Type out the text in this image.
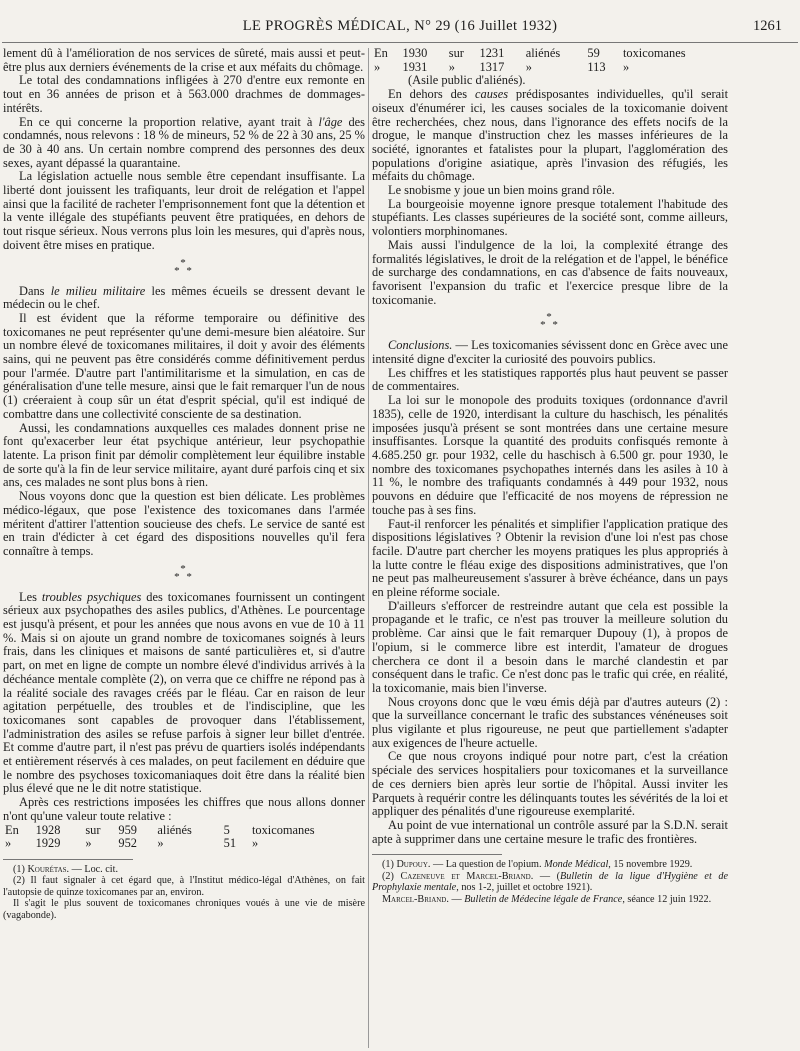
LE PROGRÈS MÉDICAL, N° 29 (16 Juillet 1932)	1261

lement dû à l'amélioration de nos services de sûreté, mais aussi et peut-être plus aux derniers événements de la crise et aux méfaits du chômage.

Le total des condamnations infligées à 270 d'entre eux remonte en tout en 36 années de prison et à 563.000 drachmes de dommages-intérêts.

En ce qui concerne la proportion relative, ayant trait à l'âge des condamnés, nous relevons : 18 % de mineurs, 52 % de 22 à 30 ans, 25 % de 30 à 40 ans. Un certain nombre comprend des personnes des deux sexes, ayant dépassé la quarantaine.

La législation actuelle nous semble être cependant insuffisante. La liberté dont jouissent les trafiquants, leur droit de relégation et l'appel ainsi que la facilité de racheter l'emprisonnement font que la détention et la vente illégale des stupéfiants peuvent être pratiquées, en dehors de tout risque sérieux. Nous verrons plus loin les mesures, qui d'après nous, doivent être mises en pratique.

*
* *

Dans le milieu militaire les mêmes écueils se dressent devant le médecin ou le chef.

Il est évident que la réforme temporaire ou définitive des toxicomanes ne peut représenter qu'une demi-mesure bien aléatoire. Sur un nombre élevé de toxicomanes militaires, il doit y avoir des éléments sains, qui ne peuvent pas être considérés comme définitivement perdus pour l'armée. D'autre part l'antimilitarisme et la simulation, en cas de généralisation d'une telle mesure, ainsi que le fait remarquer l'un de nous (1) créeraient à coup sûr un état d'esprit spécial, qu'il est indiqué de combattre dans une collectivité consciente de sa destination.

Aussi, les condamnations auxquelles ces malades donnent prise ne font qu'exacerber leur état psychique antérieur, leur psychopathie latente. La prison finit par démolir complètement leur équilibre instable de sorte qu'à la fin de leur service militaire, ayant duré parfois cinq et six ans, ces malades ne sont plus bons à rien.

Nous voyons donc que la question est bien délicate. Les problèmes médico-légaux, que pose l'existence des toxicomanes dans l'armée méritent d'attirer l'attention soucieuse des chefs. Le service de santé est en train d'édicter à cet égard des dispositions nouvelles qu'il fera connaître à temps.

*
* *

Les troubles psychiques des toxicomanes fournissent un contingent sérieux aux psychopathes des asiles publics, d'Athènes. Le pourcentage est jusqu'à présent, et pour les années que nous avons en vue de 10 à 11 %. Mais si on ajoute un grand nombre de toxicomanes soignés à leurs frais, dans les cliniques et maisons de santé particulières et, si d'autre part, on met en ligne de compte un nombre élevé d'individus arrivés à la déchéance mentale complète (2), on verra que ce chiffre ne répond pas à la réalité sociale des ravages créés par le fléau. Car en raison de leur agitation perpétuelle, des troubles et de l'indiscipline, que les toxicomanes sont capables de provoquer dans l'établissement, l'administration des asiles se refuse parfois à signer leur billet d'entrée. Et comme d'autre part, il n'est pas prévu de quartiers isolés indépendants et entièrement réservés à ces malades, on peut facilement en déduire que le nombre des psychoses toxicomaniaques doit être dans la réalité bien plus élevé que ne le dit notre statistique.

Après ces restrictions imposées les chiffres que nous allons donner n'ont qu'une valeur toute relative :

En	1928	sur	959	aliénés	5	toxicomanes
»	1929	»	952	»	51	»

(1) Kourétas. — Loc. cit.

(2) Il faut signaler à cet égard que, à l'Institut médico-légal d'Athènes, on fait l'autopsie de quinze toxicomanes par an, environ.

Il s'agit le plus souvent de toxicomanes chroniques voués à une vie de misère (vagabonde).

En	1930	sur	1231	aliénés	59	toxicomanes
»	1931	»	1317	»	113	»

(Asile public d'aliénés).

En dehors des causes prédisposantes individuelles, qu'il serait oiseux d'énumérer ici, les causes sociales de la toxicomanie doivent être recherchées, chez nous, dans l'ignorance des effets nocifs de la drogue, le manque d'instruction chez les masses inférieures de la société, ignorantes et fatalistes pour la plupart, l'agglomération des populations d'origine asiatique, après l'invasion des réfugiés, les méfaits du chômage.

Le snobisme y joue un bien moins grand rôle.

La bourgeoisie moyenne ignore presque totalement l'habitude des stupéfiants. Les classes supérieures de la société sont, comme ailleurs, volontiers morphinomanes.

Mais aussi l'indulgence de la loi, la complexité étrange des formalités législatives, le droit de la relégation et de l'appel, le bénéfice de surcharge des condamnations, en cas d'absence de faits nouveaux, favorisent l'expansion du trafic et l'exercice presque libre de la toxicomanie.

*
* *

Conclusions. — Les toxicomanies sévissent donc en Grèce avec une intensité digne d'exciter la curiosité des pouvoirs publics.

Les chiffres et les statistiques rapportés plus haut peuvent se passer de commentaires.

La loi sur le monopole des produits toxiques (ordonnance d'avril 1835), celle de 1920, interdisant la culture du haschisch, les pénalités imposées jusqu'à présent se sont montrées dans une certaine mesure insuffisantes. Lorsque la quantité des produits confisqués remonte à 4.685.250 gr. pour 1932, celle du haschisch à 6.500 gr. pour 1930, le nombre des toxicomanes psychopathes internés dans les asiles à 10 à 11 %, le nombre des trafiquants condamnés à 449 pour 1932, nous pouvons en déduire que l'efficacité de nos moyens de répression ne touche pas à ses fins.

Faut-il renforcer les pénalités et simplifier l'application pratique des dispositions législatives ? Obtenir la revision d'une loi n'est pas chose facile. D'autre part chercher les moyens pratiques les plus appropriés à la lutte contre le fléau exige des dispositions administratives, que l'on ne peut pas malheureusement s'assurer à brève échéance, dans un pays en pleine réforme sociale.

D'ailleurs s'efforcer de restreindre autant que cela est possible la propagande et le trafic, ce n'est pas trouver la meilleure solution du problème. Car ainsi que le fait remarquer Dupouy (1), à propos de l'opium, si le commerce libre est interdit, l'amateur de drogues cherchera ce dont il a besoin dans le marché clandestin et par conséquent dans le trafic. Ce n'est donc pas le trafic qui crée, en réalité, la toxicomanie, mais bien l'inverse.

Nous croyons donc que le vœu émis déjà par d'autres auteurs (2) : que la surveillance concernant le trafic des substances vénéneuses soit plus vigilante et plus rigoureuse, ne peut que partiellement s'adapter aux exigences de l'heure actuelle.

Ce que nous croyons indiqué pour notre part, c'est la création spéciale des services hospitaliers pour toxicomanes et la surveillance de ces derniers bien après leur sortie de l'hôpital. Aussi inviter les Parquets à requérir contre les délinquants toutes les sévérités de la loi et appliquer des pénalités d'une rigoureuse exemplarité.

Au point de vue international un contrôle assuré par la S.D.N. serait apte à supprimer dans une certaine mesure le trafic des frontières.

(1) Dupouy. — La question de l'opium. Monde Médical, 15 novembre 1929.

(2) Cazeneuve et Marcel-Briand. — (Bulletin de la ligue d'Hygiène et de Prophylaxie mentale, nos 1-2, juillet et octobre 1921).

Marcel-Briand. — Bulletin de Médecine légale de France, séance 12 juin 1922.
